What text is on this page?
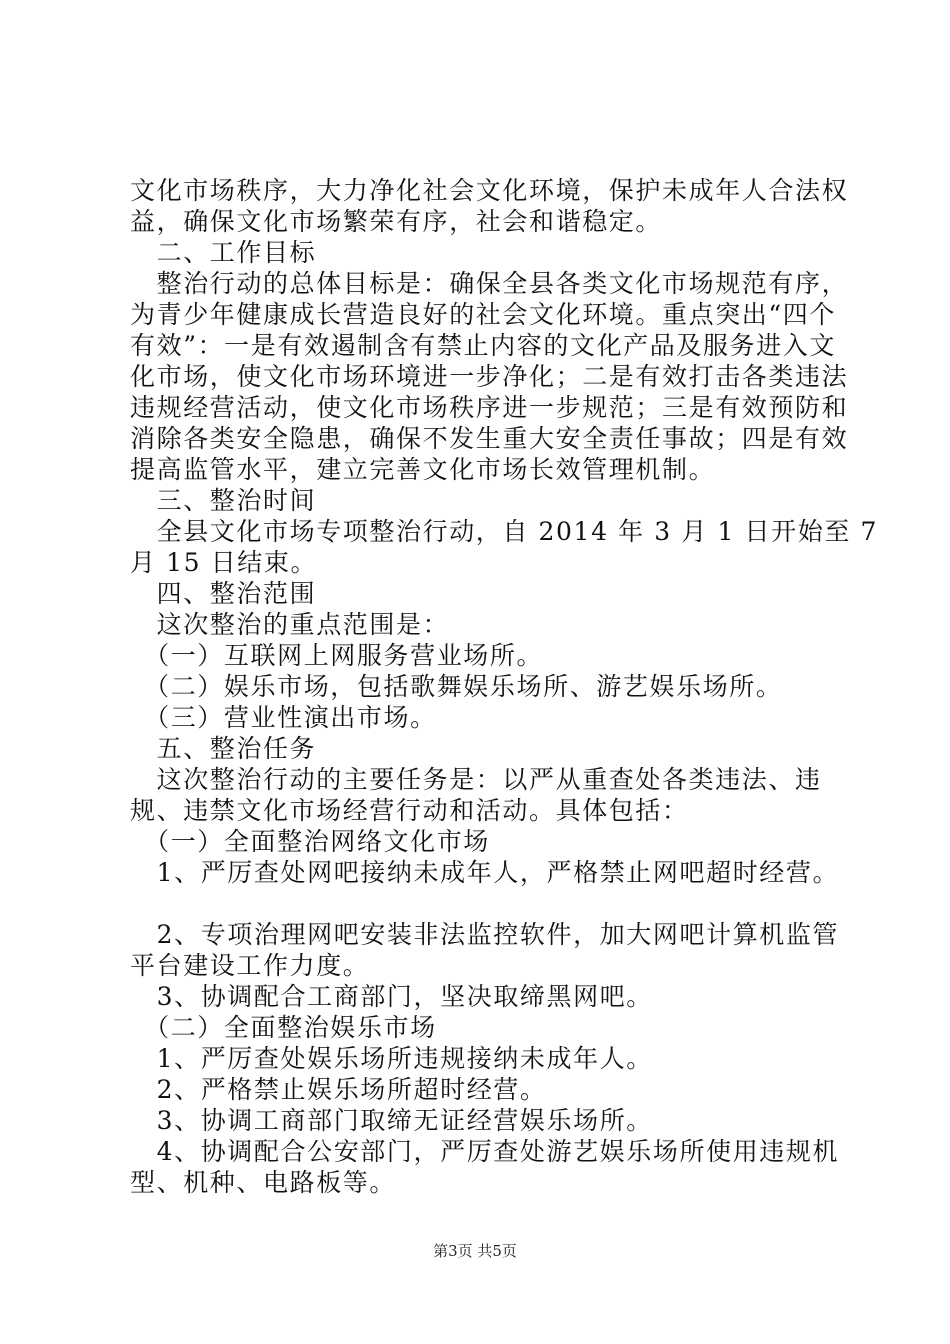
文化市场秩序，大力净化社会文化环境，保护未成年人合法权
益，确保文化市场繁荣有序，社会和谐稳定。
　二、工作目标
　整治行动的总体目标是：确保全县各类文化市场规范有序，
为青少年健康成长营造良好的社会文化环境。重点突出“四个
有效”：一是有效遏制含有禁止内容的文化产品及服务进入文
化市场，使文化市场环境进一步净化；二是有效打击各类违法
违规经营活动，使文化市场秩序进一步规范；三是有效预防和
消除各类安全隐患，确保不发生重大安全责任事故；四是有效
提高监管水平，建立完善文化市场长效管理机制。
　三、整治时间
　全县文化市场专项整治行动，自 2014 年 3 月 1 日开始至 7
月 15 日结束。
　四、整治范围
　这次整治的重点范围是：
　（一）互联网上网服务营业场所。
　（二）娱乐市场，包括歌舞娱乐场所、游艺娱乐场所。
　（三）营业性演出市场。
　五、整治任务
　这次整治行动的主要任务是：以严从重查处各类违法、违
规、违禁文化市场经营行动和活动。具体包括：
　（一）全面整治网络文化市场
　1、严厉查处网吧接纳未成年人，严格禁止网吧超时经营。
　2、专项治理网吧安装非法监控软件，加大网吧计算机监管
平台建设工作力度。
　3、协调配合工商部门，坚决取缔黑网吧。
　（二）全面整治娱乐市场
　1、严厉查处娱乐场所违规接纳未成年人。
　2、严格禁止娱乐场所超时经营。
　3、协调工商部门取缔无证经营娱乐场所。
　4、协调配合公安部门，严厉查处游艺娱乐场所使用违规机
型、机种、电路板等。
第3页 共5页
